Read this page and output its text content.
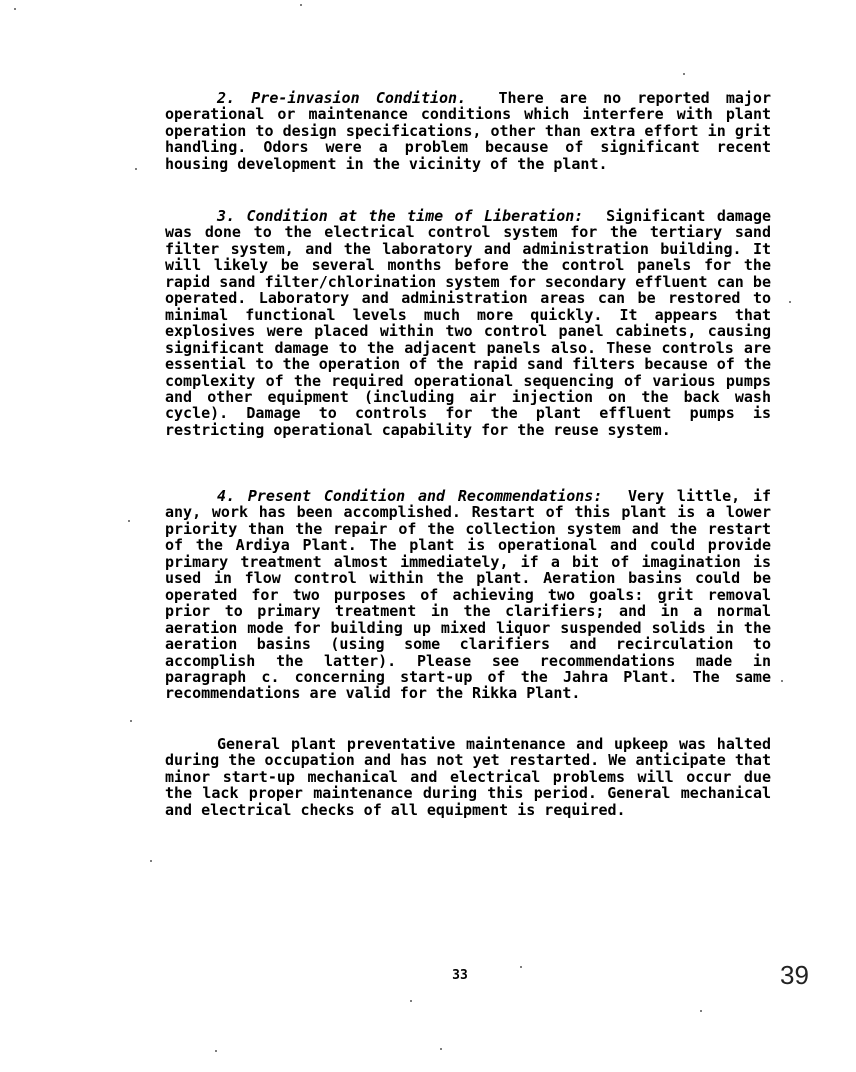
2. Pre-invasion Condition. There are no reported major operational or maintenance conditions which interfere with plant operation to design specifications, other than extra effort in grit handling. Odors were a problem because of significant recent housing development in the vicinity of the plant.

3. Condition at the time of Liberation: Significant damage was done to the electrical control system for the tertiary sand filter system, and the laboratory and administration building. It will likely be several months before the control panels for the rapid sand filter/chlorination system for secondary effluent can be operated. Laboratory and administration areas can be restored to minimal functional levels much more quickly. It appears that explosives were placed within two control panel cabinets, causing significant damage to the adjacent panels also. These controls are essential to the operation of the rapid sand filters because of the complexity of the required operational sequencing of various pumps and other equipment (including air injection on the back wash cycle). Damage to controls for the plant effluent pumps is restricting operational capability for the reuse system.

4. Present Condition and Recommendations: Very little, if any, work has been accomplished. Restart of this plant is a lower priority than the repair of the collection system and the restart of the Ardiya Plant. The plant is operational and could provide primary treatment almost immediately, if a bit of imagination is used in flow control within the plant. Aeration basins could be operated for two purposes of achieving two goals: grit removal prior to primary treatment in the clarifiers; and in a normal aeration mode for building up mixed liquor suspended solids in the aeration basins (using some clarifiers and recirculation to accomplish the latter). Please see recommendations made in paragraph c. concerning start-up of the Jahra Plant. The same recommendations are valid for the Rikka Plant.

General plant preventative maintenance and upkeep was halted during the occupation and has not yet restarted. We anticipate that minor start-up mechanical and electrical problems will occur due the lack proper maintenance during this period. General mechanical and electrical checks of all equipment is required.

33	39
